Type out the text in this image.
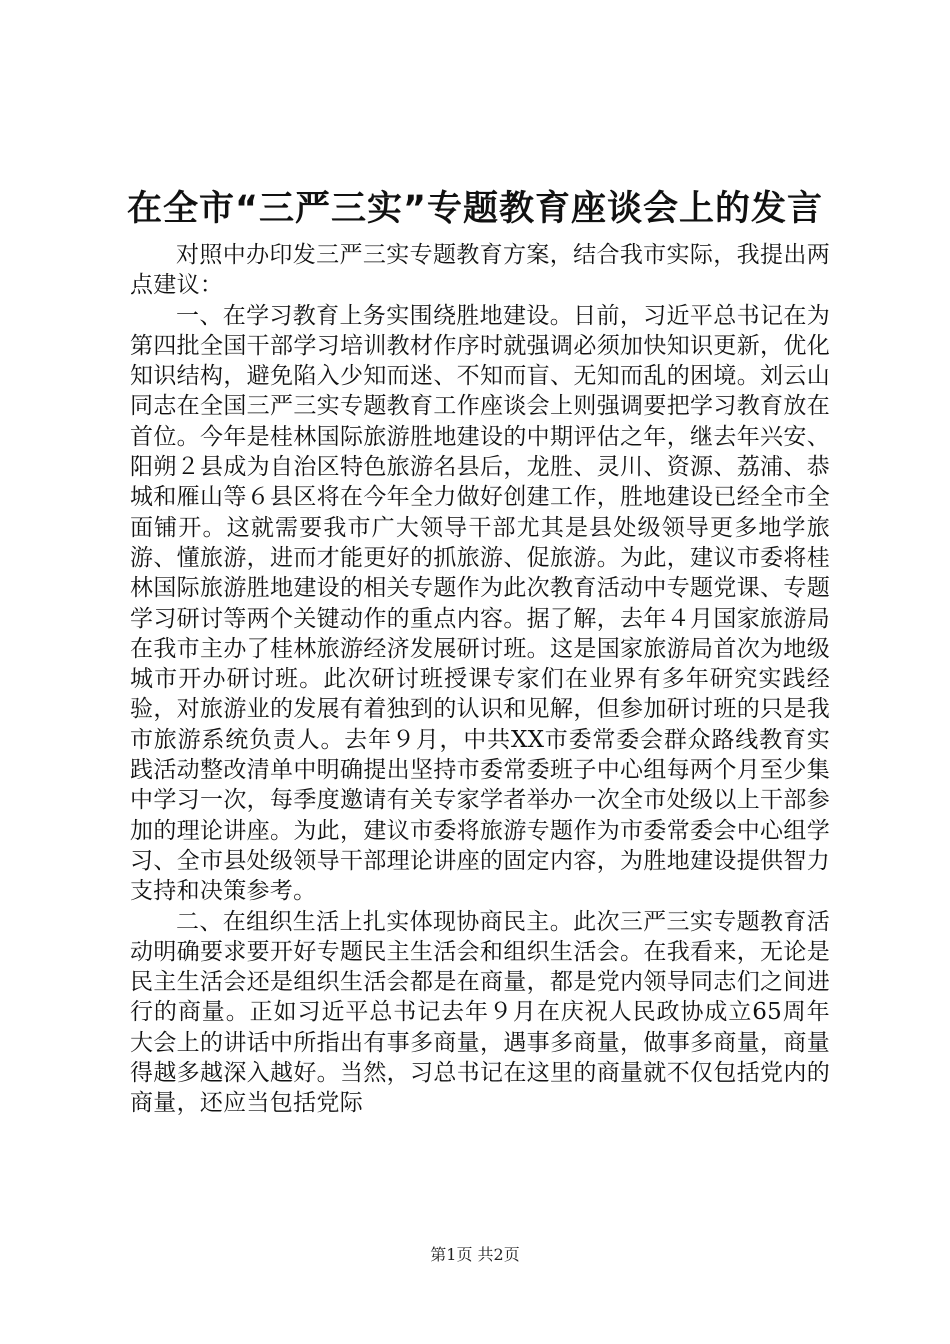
在全市“三严三实”专题教育座谈会上的发言

对照中办印发三严三实专题教育方案，结合我市实际，我提出两点建议：

一、在学习教育上务实围绕胜地建设。日前，习近平总书记在为第四批全国干部学习培训教材作序时就强调必须加快知识更新，优化知识结构，避免陷入少知而迷、不知而盲、无知而乱的困境。刘云山同志在全国三严三实专题教育工作座谈会上则强调要把学习教育放在首位。今年是桂林国际旅游胜地建设的中期评估之年，继去年兴安、阳朔２县成为自治区特色旅游名县后，龙胜、灵川、资源、荔浦、恭城和雁山等６县区将在今年全力做好创建工作，胜地建设已经全市全面铺开。这就需要我市广大领导干部尤其是县处级领导更多地学旅游、懂旅游，进而才能更好的抓旅游、促旅游。为此，建议市委将桂林国际旅游胜地建设的相关专题作为此次教育活动中专题党课、专题学习研讨等两个关键动作的重点内容。据了解，去年４月国家旅游局在我市主办了桂林旅游经济发展研讨班。这是国家旅游局首次为地级城市开办研讨班。此次研讨班授课专家们在业界有多年研究实践经验，对旅游业的发展有着独到的认识和见解，但参加研讨班的只是我市旅游系统负责人。去年９月，中共XX市委常委会群众路线教育实践活动整改清单中明确提出坚持市委常委班子中心组每两个月至少集中学习一次，每季度邀请有关专家学者举办一次全市处级以上干部参加的理论讲座。为此，建议市委将旅游专题作为市委常委会中心组学习、全市县处级领导干部理论讲座的固定内容，为胜地建设提供智力支持和决策参考。

二、在组织生活上扎实体现协商民主。此次三严三实专题教育活动明确要求要开好专题民主生活会和组织生活会。在我看来，无论是民主生活会还是组织生活会都是在商量，都是党内领导同志们之间进行的商量。正如习近平总书记去年９月在庆祝人民政协成立65周年大会上的讲话中所指出有事多商量，遇事多商量，做事多商量，商量得越多越深入越好。当然，习总书记在这里的商量就不仅包括党内的商量，还应当包括党际

第1页 共2页
